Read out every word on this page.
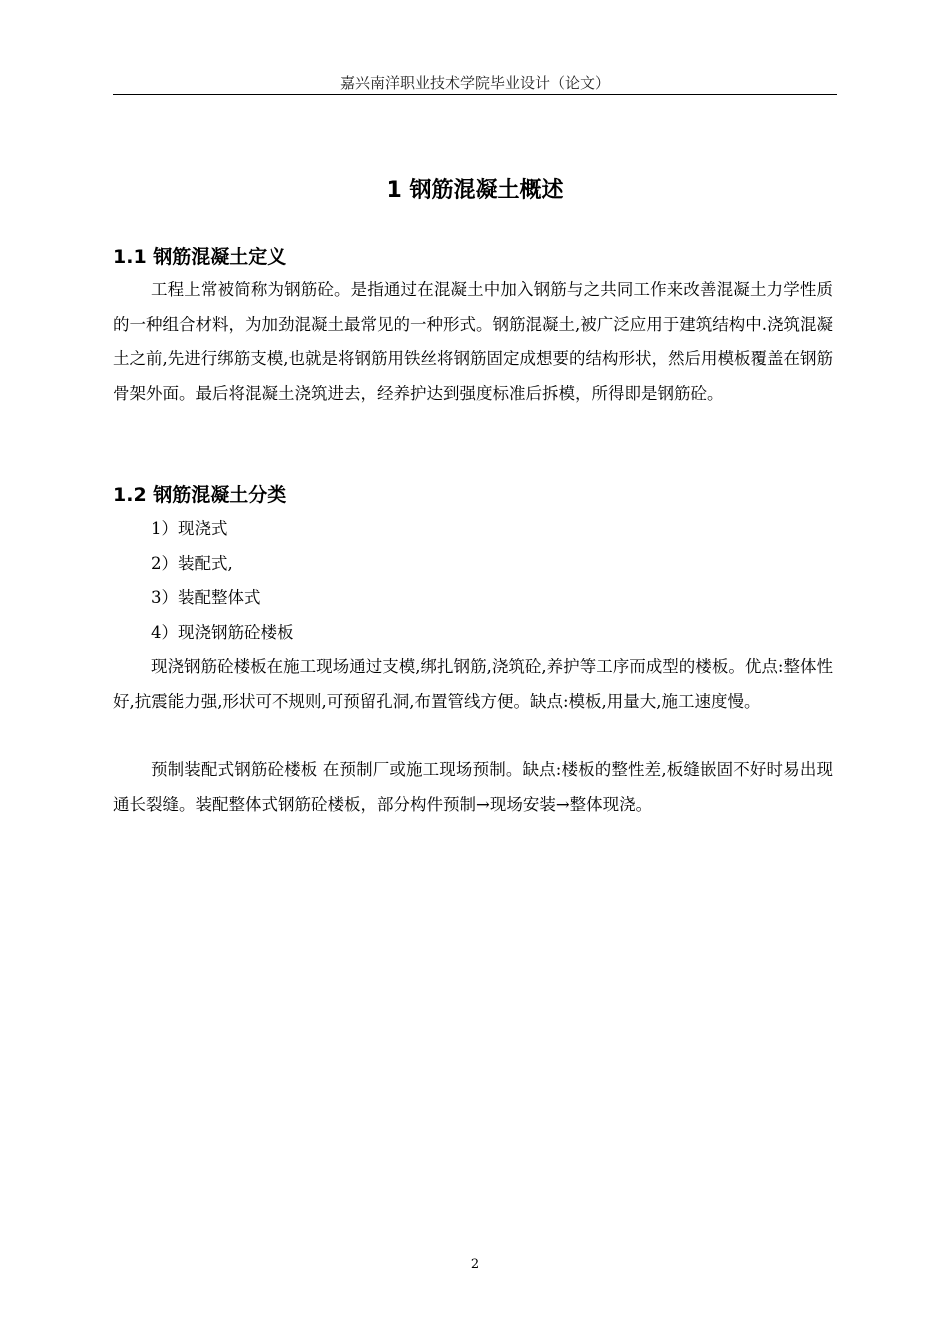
嘉兴南洋职业技术学院毕业设计（论文）
1 钢筋混凝土概述
1.1 钢筋混凝土定义
工程上常被简称为钢筋砼。是指通过在混凝土中加入钢筋与之共同工作来改善混凝土力学性质的一种组合材料，为加劲混凝土最常见的一种形式。钢筋混凝土,被广泛应用于建筑结构中.浇筑混凝土之前,先进行绑筋支模,也就是将钢筋用铁丝将钢筋固定成想要的结构形状，然后用模板覆盖在钢筋骨架外面。最后将混凝土浇筑进去，经养护达到强度标准后拆模，所得即是钢筋砼。
1.2 钢筋混凝土分类
1）现浇式
2）装配式,
3）装配整体式
4）现浇钢筋砼楼板
现浇钢筋砼楼板在施工现场通过支模,绑扎钢筋,浇筑砼,养护等工序而成型的楼板。优点:整体性好,抗震能力强,形状可不规则,可预留孔洞,布置管线方便。缺点:模板,用量大,施工速度慢。
预制装配式钢筋砼楼板 在预制厂或施工现场预制。缺点:楼板的整性差,板缝嵌固不好时易出现通长裂缝。装配整体式钢筋砼楼板，部分构件预制→现场安装→整体现浇。
2
